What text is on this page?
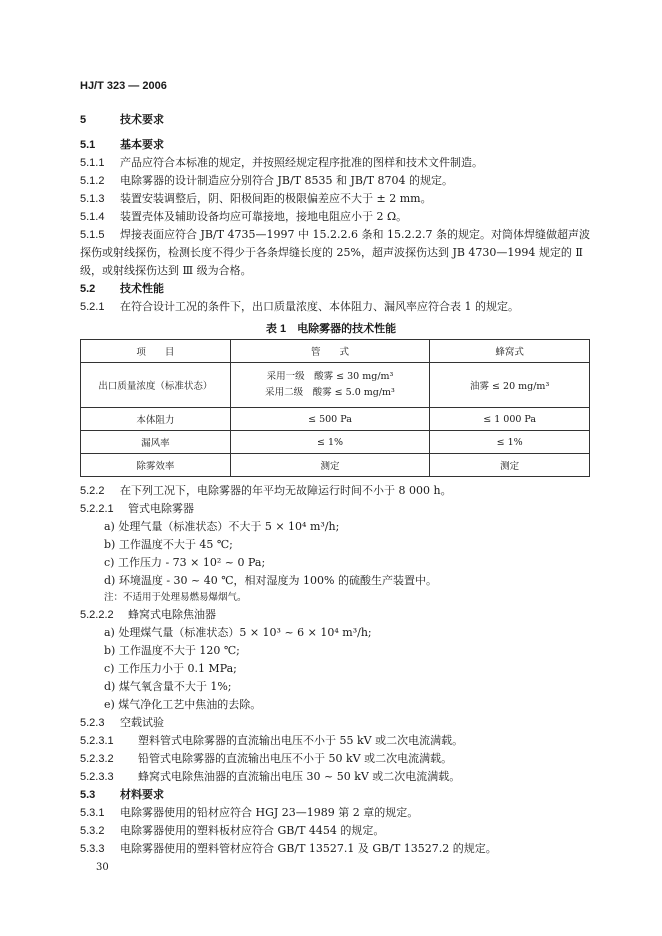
HJ/T 323 — 2006
5	技术要求
5.1 基本要求
5.1.1 产品应符合本标准的规定，并按照经规定程序批准的图样和技术文件制造。
5.1.2 电除雾器的设计制造应分别符合 JB/T 8535 和 JB/T 8704 的规定。
5.1.3 装置安装调整后，阴、阳极间距的极限偏差应不大于 ± 2 mm。
5.1.4 装置壳体及辅助设备均应可靠接地，接地电阻应小于 2 Ω。
5.1.5 焊接表面应符合 JB/T 4735—1997 中 15.2.2.6 条和 15.2.2.7 条的规定。对筒体焊缝做超声波
探伤或射线探伤，检测长度不得少于各条焊缝长度的 25%，超声波探伤达到 JB 4730—1994 规定的 Ⅱ
级，或射线探伤达到 Ⅲ 级为合格。
5.2 技术性能
5.2.1 在符合设计工况的条件下，出口质量浓度、本体阻力、漏风率应符合表 1 的规定。
表 1　电除雾器的技术性能
项　　目	管　　式	蜂窝式
出口质量浓度（标准状态）	采用一级　酸雾 ≤ 30 mg/m³
采用二级　酸雾 ≤ 5.0 mg/m³	油雾 ≤ 20 mg/m³
本体阻力	≤ 500 Pa	≤ 1 000 Pa
漏风率	≤ 1%	≤ 1%
除雾效率	测定	测定
5.2.2 在下列工况下，电除雾器的年平均无故障运行时间不小于 8 000 h。
5.2.2.1 管式电除雾器
a) 处理气量（标准状态）不大于 5 × 10⁴ m³/h;
b) 工作温度不大于 45 ℃;
c) 工作压力 - 73 × 10² ~ 0 Pa;
d) 环境温度 - 30 ~ 40 ℃，相对湿度为 100% 的硫酸生产装置中。
注：不适用于处理易燃易爆烟气。
5.2.2.2 蜂窝式电除焦油器
a) 处理煤气量（标准状态）5 × 10³ ~ 6 × 10⁴ m³/h;
b) 工作温度不大于 120 ℃;
c) 工作压力小于 0.1 MPa;
d) 煤气氧含量不大于 1%;
e) 煤气净化工艺中焦油的去除。
5.2.3 空载试验
5.2.3.1 塑料管式电除雾器的直流输出电压不小于 55 kV 或二次电流满载。
5.2.3.2 铅管式电除雾器的直流输出电压不小于 50 kV 或二次电流满载。
5.2.3.3 蜂窝式电除焦油器的直流输出电压 30 ~ 50 kV 或二次电流满载。
5.3 材料要求
5.3.1 电除雾器使用的铅材应符合 HGJ 23—1989 第 2 章的规定。
5.3.2 电除雾器使用的塑料板材应符合 GB/T 4454 的规定。
5.3.3 电除雾器使用的塑料管材应符合 GB/T 13527.1 及 GB/T 13527.2 的规定。
30
